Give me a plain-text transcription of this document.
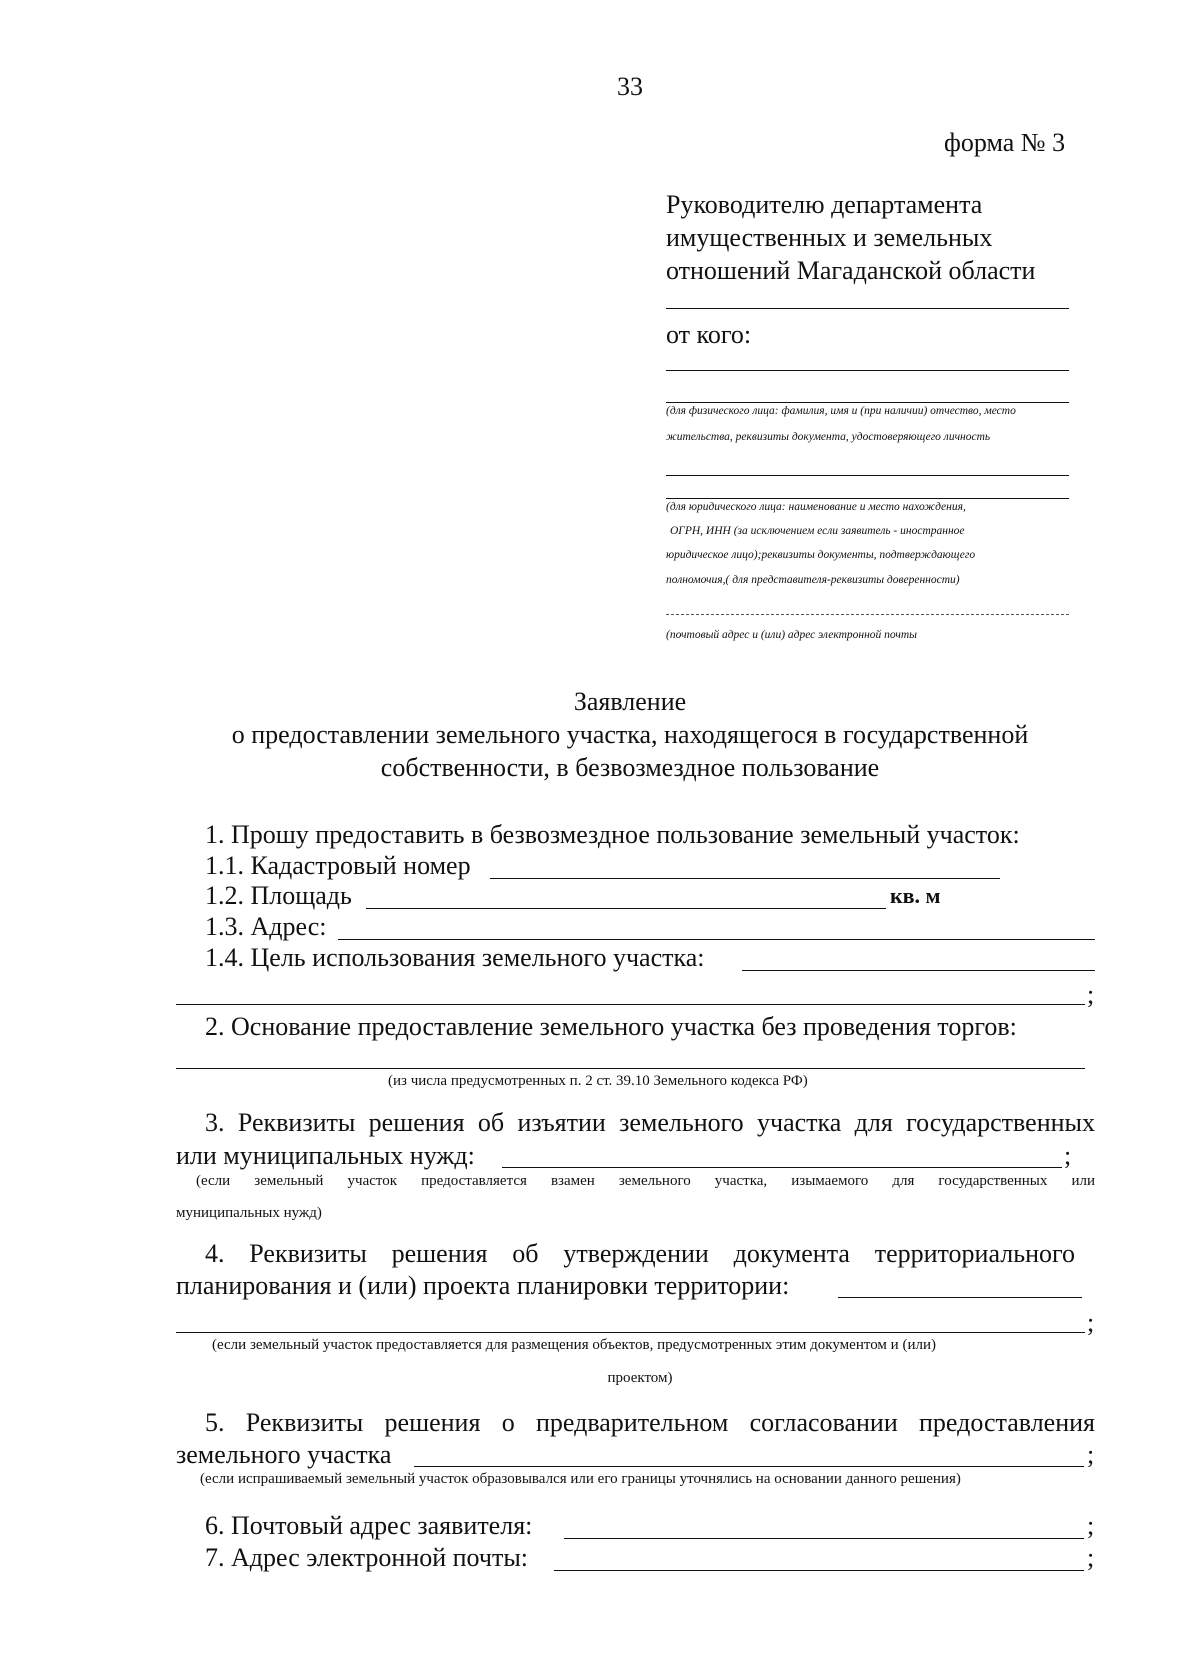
33
форма № 3
Руководителю департамента
имущественных и земельных
отношений Магаданской области
от кого:
(для физического лица: фамилия, имя и (при наличии) отчество, место
жительства, реквизиты документа, удостоверяющего личность
(для юридического лица: наименование и место нахождения,
ОГРН, ИНН (за исключением если заявитель - иностранное
юридическое лицо);реквизиты документы, подтверждающего
полномочия,( для представителя-реквизиты доверенности)
(почтовый адрес и (или) адрес электронной почты
Заявление
о предоставлении земельного участка, находящегося в государственной
собственности, в безвозмездное пользование
1. Прошу предоставить в безвозмездное пользование земельный участок:
1.1. Кадастровый номер
1.2. Площадь	кв. м
1.3. Адрес:
1.4. Цель использования земельного участка:
;
2. Основание предоставление земельного участка без проведения торгов:
(из числа предусмотренных п. 2 ст. 39.10 Земельного кодекса РФ)
3. Реквизиты решения об изъятии земельного участка для государственных
или муниципальных нужд:	;
(если земельный участок предоставляется взамен земельного участка, изымаемого для государственных или
муниципальных нужд)
4. Реквизиты решения об утверждении документа территориального
планирования и (или) проекта планировки территории:
;
(если земельный участок предоставляется для размещения объектов, предусмотренных этим документом и (или)
проектом)
5. Реквизиты решения о предварительном согласовании предоставления
земельного участка	;
(если испрашиваемый земельный участок образовывался или его границы уточнялись на основании данного решения)
6. Почтовый адрес заявителя:	;
7. Адрес электронной почты:	;
